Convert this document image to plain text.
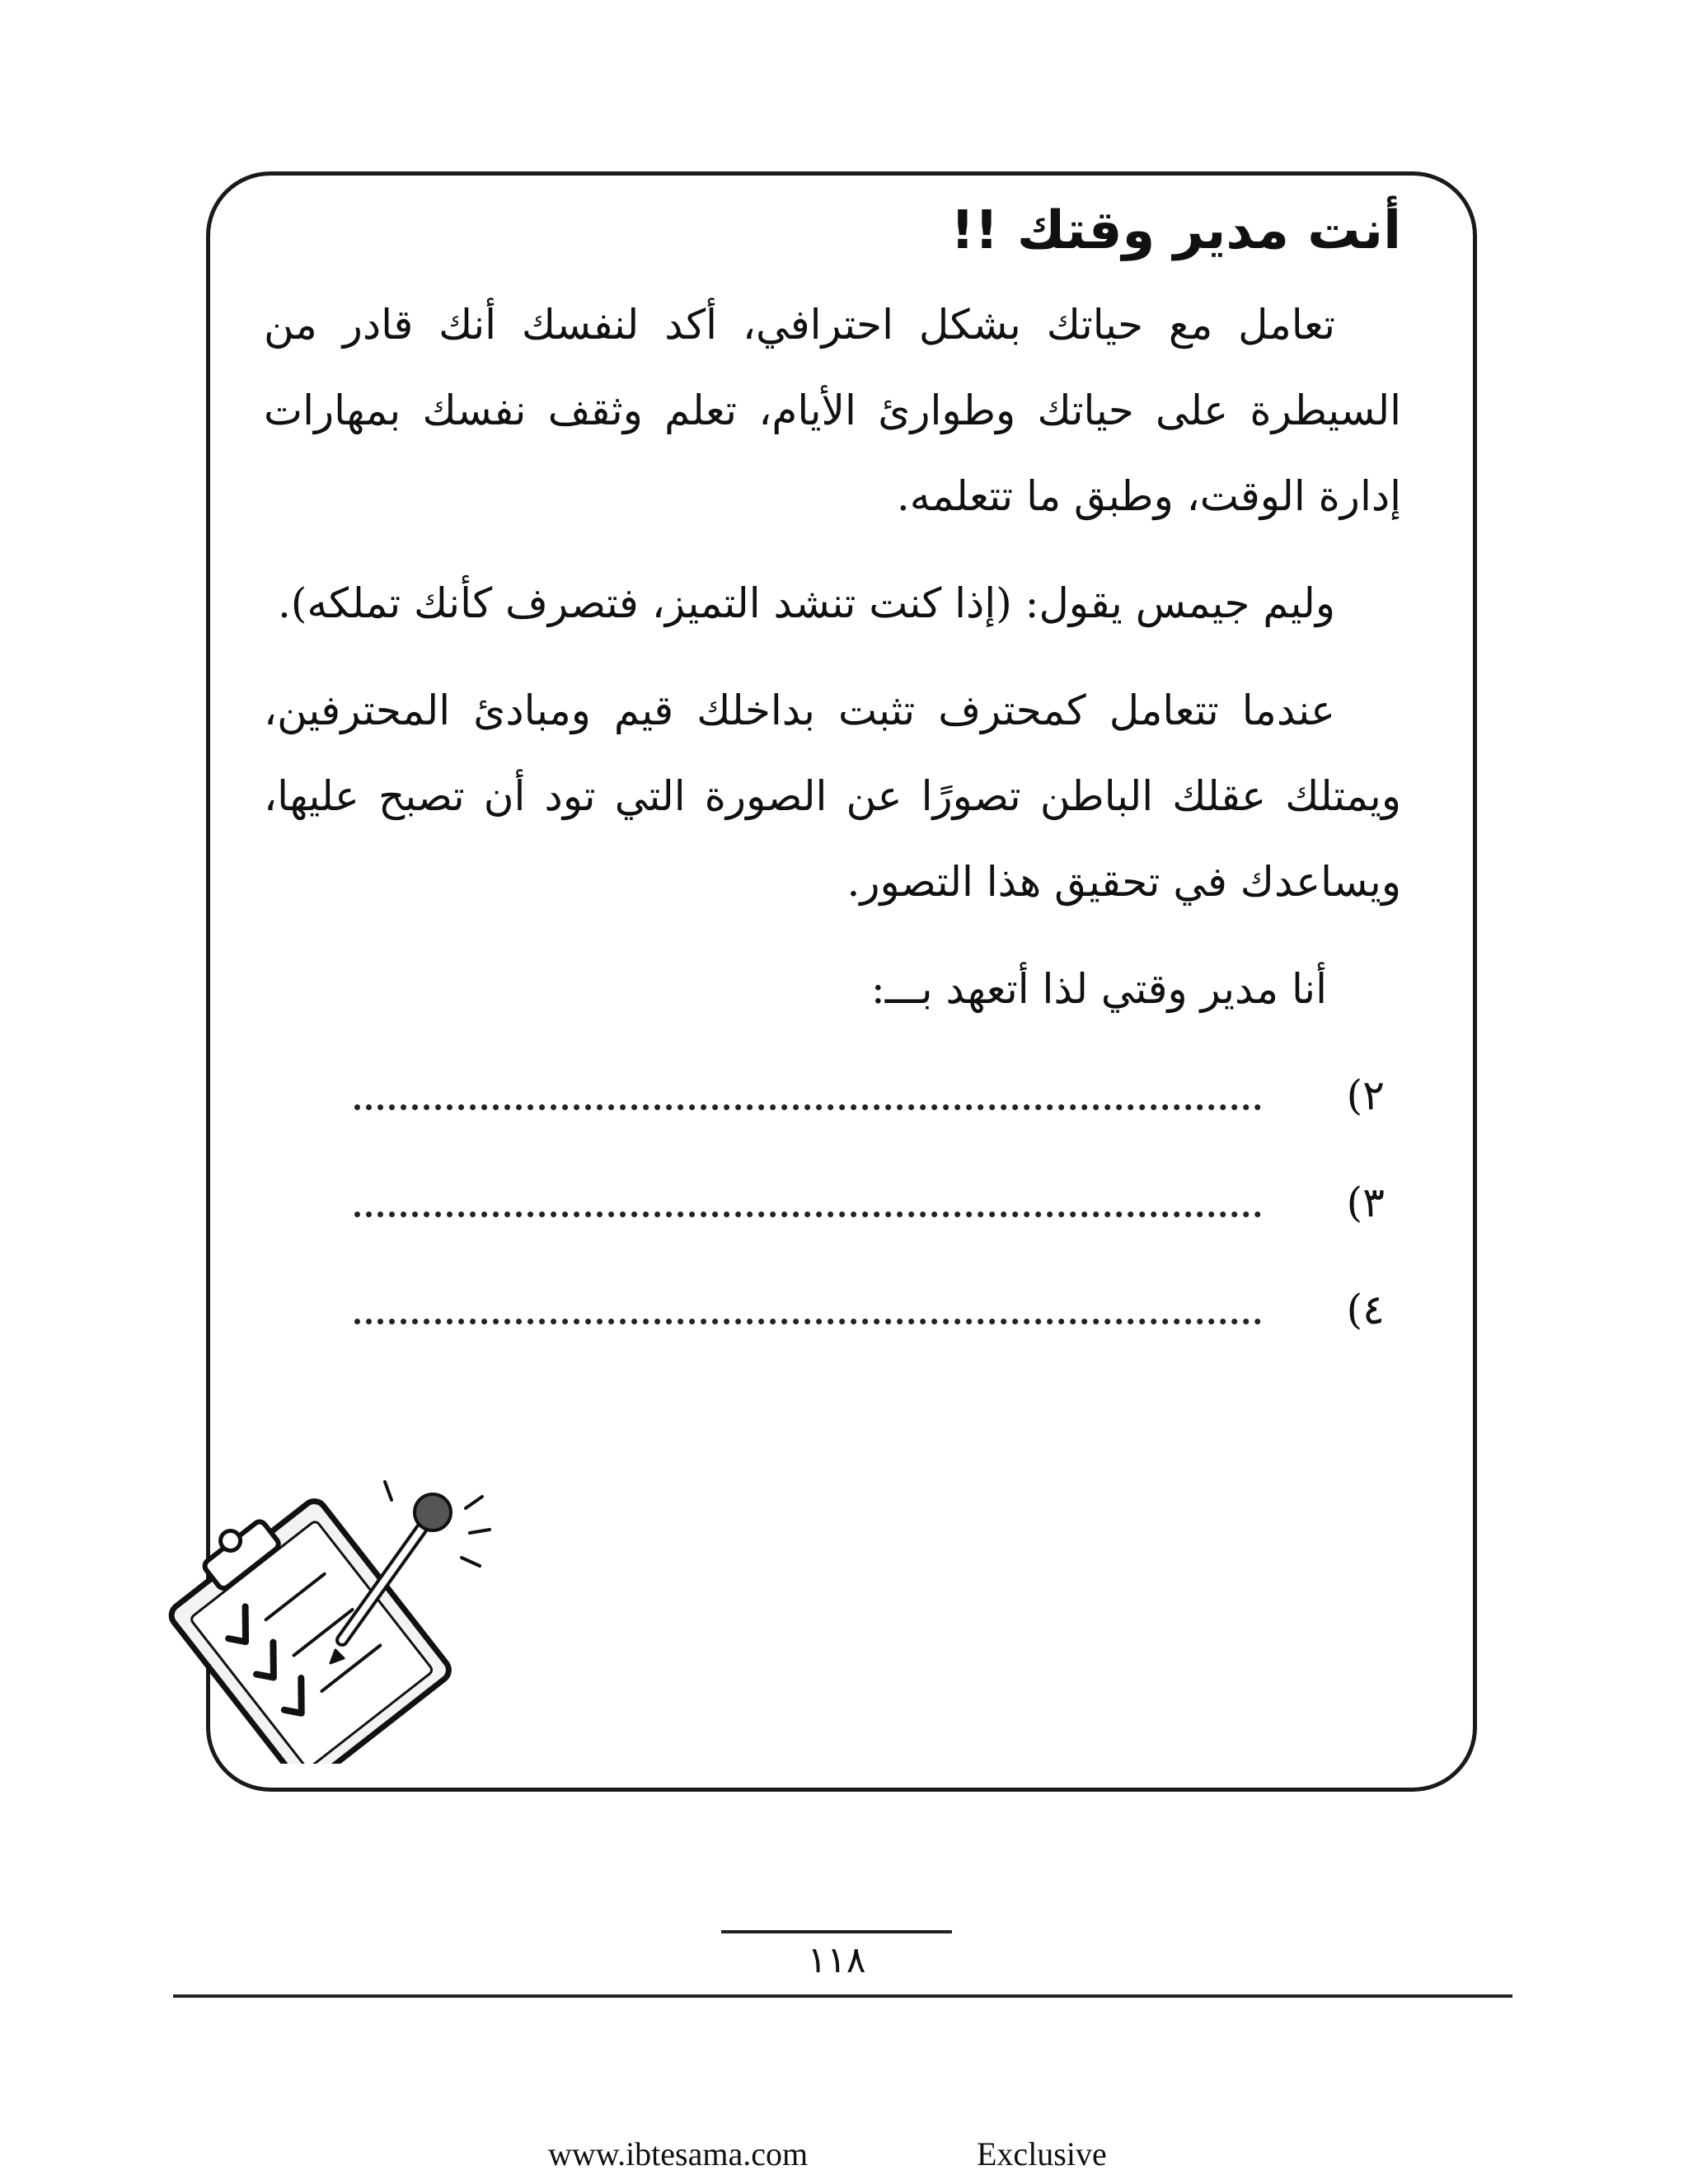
أنت مدير وقتك !!

تعامل مع حياتك بشكل احترافي، أكد لنفسك أنك قادر من السيطرة على حياتك وطوارئ الأيام، تعلم وثقف نفسك بمهارات إدارة الوقت، وطبق ما تتعلمه.

وليم جيمس يقول: (إذا كنت تنشد التميز، فتصرف كأنك تملكه).

عندما تتعامل كمحترف تثبت بداخلك قيم ومبادئ المحترفين، ويمتلك عقلك الباطن تصورًا عن الصورة التي تود أن تصبح عليها، ويساعدك في تحقيق هذا التصور.

أنا مدير وقتي لذا أتعهد بـــ:
٢)
٣)
٤)
١١٨
www.ibtesama.com	Exclusive
